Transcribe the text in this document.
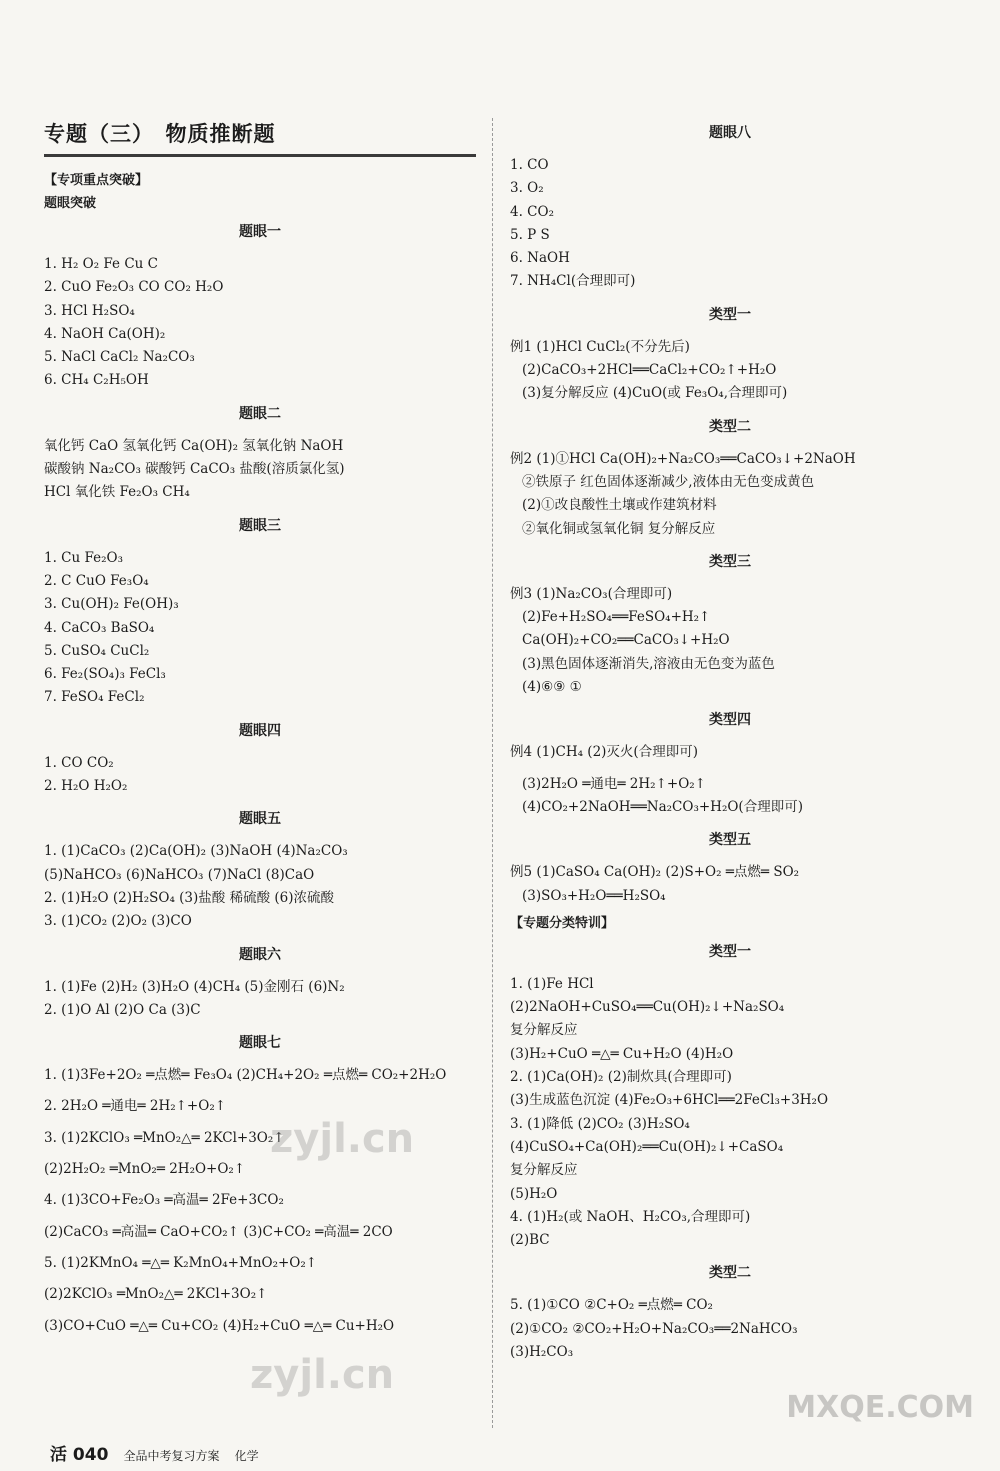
专题（三）　物质推断题
【专项重点突破】
题眼突破
题眼一
1. H₂ O₂ Fe Cu C
2. CuO Fe₂O₃ CO CO₂ H₂O
3. HCl H₂SO₄
4. NaOH Ca(OH)₂
5. NaCl CaCl₂ Na₂CO₃
6. CH₄ C₂H₅OH
题眼二
氧化钙 CaO 氢氧化钙 Ca(OH)₂ 氢氧化钠 NaOH
碳酸钠 Na₂CO₃ 碳酸钙 CaCO₃ 盐酸(溶质氯化氢)
HCl 氧化铁 Fe₂O₃ CH₄
题眼三
1. Cu Fe₂O₃
2. C CuO Fe₃O₄
3. Cu(OH)₂ Fe(OH)₃
4. CaCO₃ BaSO₄
5. CuSO₄ CuCl₂
6. Fe₂(SO₄)₃ FeCl₃
7. FeSO₄ FeCl₂
题眼四
1. CO CO₂
2. H₂O H₂O₂
题眼五
1. (1)CaCO₃ (2)Ca(OH)₂ (3)NaOH (4)Na₂CO₃
(5)NaHCO₃ (6)NaHCO₃ (7)NaCl (8)CaO
2. (1)H₂O (2)H₂SO₄ (3)盐酸 稀硫酸 (6)浓硫酸
3. (1)CO₂ (2)O₂ (3)CO
题眼六
1. (1)Fe (2)H₂ (3)H₂O (4)CH₄ (5)金刚石 (6)N₂
2. (1)O Al (2)O Ca (3)C
题眼七
1. (1)3Fe+2O₂ ═点燃═ Fe₃O₄ (2)CH₄+2O₂ ═点燃═ CO₂+2H₂O
2. 2H₂O ═通电═ 2H₂↑+O₂↑
3. (1)2KClO₃ ═MnO₂△═ 2KCl+3O₂↑
(2)2H₂O₂ ═MnO₂═ 2H₂O+O₂↑
4. (1)3CO+Fe₂O₃ ═高温═ 2Fe+3CO₂
(2)CaCO₃ ═高温═ CaO+CO₂↑ (3)C+CO₂ ═高温═ 2CO
5. (1)2KMnO₄ ═△═ K₂MnO₄+MnO₂+O₂↑
(2)2KClO₃ ═MnO₂△═ 2KCl+3O₂↑
(3)CO+CuO ═△═ Cu+CO₂ (4)H₂+CuO ═△═ Cu+H₂O
题眼八
1. CO
3. O₂
4. CO₂
5. P S
6. NaOH
7. NH₄Cl(合理即可)
类型一
例1 (1)HCl CuCl₂(不分先后)
(2)CaCO₃+2HCl══CaCl₂+CO₂↑+H₂O
(3)复分解反应 (4)CuO(或 Fe₃O₄,合理即可)
类型二
例2 (1)①HCl Ca(OH)₂+Na₂CO₃══CaCO₃↓+2NaOH
②铁原子 红色固体逐渐减少,液体由无色变成黄色
(2)①改良酸性土壤或作建筑材料
②氧化铜或氢氧化铜 复分解反应
类型三
例3 (1)Na₂CO₃(合理即可)
(2)Fe+H₂SO₄══FeSO₄+H₂↑
Ca(OH)₂+CO₂══CaCO₃↓+H₂O
(3)黑色固体逐渐消失,溶液由无色变为蓝色
(4)⑥⑨ ①
类型四
例4 (1)CH₄ (2)灭火(合理即可)
(3)2H₂O ═通电═ 2H₂↑+O₂↑
(4)CO₂+2NaOH══Na₂CO₃+H₂O(合理即可)
类型五
例5 (1)CaSO₄ Ca(OH)₂ (2)S+O₂ ═点燃═ SO₂
(3)SO₃+H₂O══H₂SO₄
【专题分类特训】
类型一
1. (1)Fe HCl
(2)2NaOH+CuSO₄══Cu(OH)₂↓+Na₂SO₄
复分解反应
(3)H₂+CuO ═△═ Cu+H₂O (4)H₂O
2. (1)Ca(OH)₂ (2)制炊具(合理即可)
(3)生成蓝色沉淀 (4)Fe₂O₃+6HCl══2FeCl₃+3H₂O
3. (1)降低 (2)CO₂ (3)H₂SO₄
(4)CuSO₄+Ca(OH)₂══Cu(OH)₂↓+CaSO₄
复分解反应
(5)H₂O
4. (1)H₂(或 NaOH、H₂CO₃,合理即可)
(2)BC
类型二
5. (1)①CO ②C+O₂ ═点燃═ CO₂
(2)①CO₂ ②CO₂+H₂O+Na₂CO₃══2NaHCO₃
(3)H₂CO₃
zyjl.cn
zyjl.cn
MXQE.COM
活 040 全品中考复习方案 化学
